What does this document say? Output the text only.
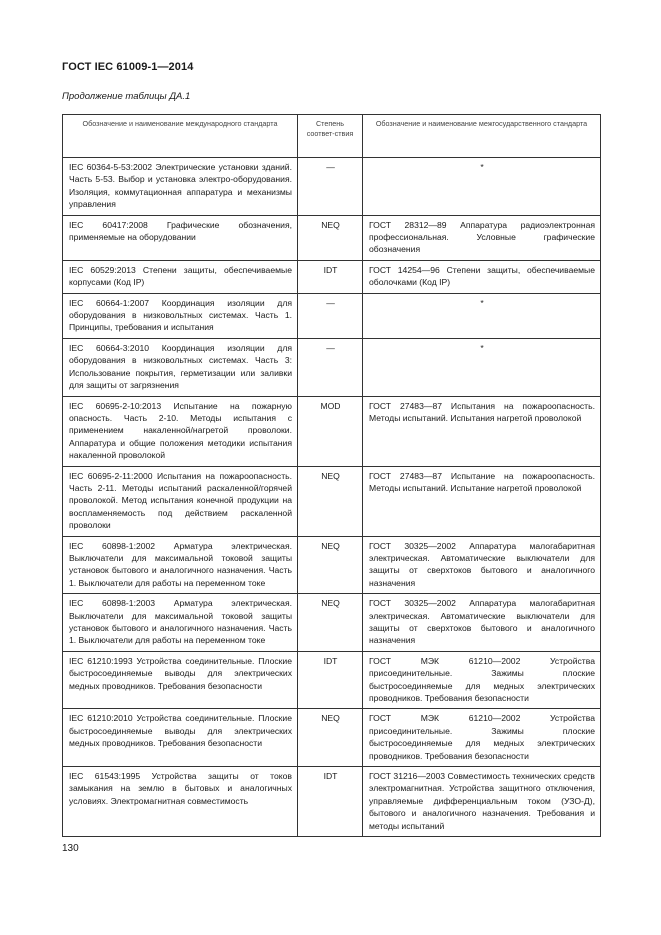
ГОСТ IEC 61009-1—2014
Продолжение таблицы ДА.1
Обозначение и наименование международного стандарта	Степень соответ-ствия	Обозначение и наименование межгосударственного стандарта
IEC 60364-5-53:2002 Электрические установки зданий. Часть 5-53. Выбор и установка электро-оборудования. Изоляция, коммутационная аппаратура и механизмы управления	—	*
IEC 60417:2008 Графические обозначения, применяемые на оборудовании	NEQ	ГОСТ 28312—89 Аппаратура радиоэлектронная профессиональная. Условные графические обозначения
IEC 60529:2013 Степени защиты, обеспечиваемые корпусами (Код IP)	IDT	ГОСТ 14254—96 Степени защиты, обеспечиваемые оболочками (Код IP)
IEC 60664-1:2007 Координация изоляции для оборудования в низковольтных системах. Часть 1. Принципы, требования и испытания	—	*
IEC 60664-3:2010 Координация изоляции для оборудования в низковольтных системах. Часть 3: Использование покрытия, герметизации или заливки для защиты от загрязнения	—	*
IEC 60695-2-10:2013 Испытание на пожарную опасность. Часть 2-10. Методы испытания с применением накаленной/нагретой проволоки. Аппаратура и общие положения методики испытания накаленной проволокой	MOD	ГОСТ 27483—87 Испытания на пожароопасность. Методы испытаний. Испытания нагретой проволокой
IEC 60695-2-11:2000 Испытания на пожароопасность. Часть 2-11. Методы испытаний раскаленной/горячей проволокой. Метод испытания конечной продукции на воспламеняемость под действием раскаленной проволоки	NEQ	ГОСТ 27483—87 Испытание на пожароопасность. Методы испытаний. Испытание нагретой проволокой
IEC 60898-1:2002 Арматура электрическая. Выключатели для максимальной токовой защиты установок бытового и аналогичного назначения. Часть 1. Выключатели для работы на переменном токе	NEQ	ГОСТ 30325—2002 Аппаратура малогабаритная электрическая. Автоматические выключатели для защиты от сверхтоков бытового и аналогичного назначения
IEC 60898-1:2003 Арматура электрическая. Выключатели для максимальной токовой защиты установок бытового и аналогичного назначения. Часть 1. Выключатели для работы на переменном токе	NEQ	ГОСТ 30325—2002 Аппаратура малогабаритная электрическая. Автоматические выключатели для защиты от сверхтоков бытового и аналогичного назначения
IEC 61210:1993 Устройства соединительные. Плоские быстросоединяемые выводы для электрических медных проводников. Требования безопасности	IDT	ГОСТ МЭК 61210—2002 Устройства присоединительные. Зажимы плоские быстросоединяемые для медных электрических проводников. Требования безопасности
IEC 61210:2010 Устройства соединительные. Плоские быстросоединяемые выводы для электрических медных проводников. Требования безопасности	NEQ	ГОСТ МЭК 61210—2002 Устройства присоединительные. Зажимы плоские быстросоединяемые для медных электрических проводников. Требования безопасности
IEC 61543:1995 Устройства защиты от токов замыкания на землю в бытовых и аналогичных условиях. Электромагнитная совместимость	IDT	ГОСТ 31216—2003 Совместимость технических средств электромагнитная. Устройства защитного отключения, управляемые дифференциальным током (УЗО-Д), бытового и аналогичного назначения. Требования и методы испытаний
130
